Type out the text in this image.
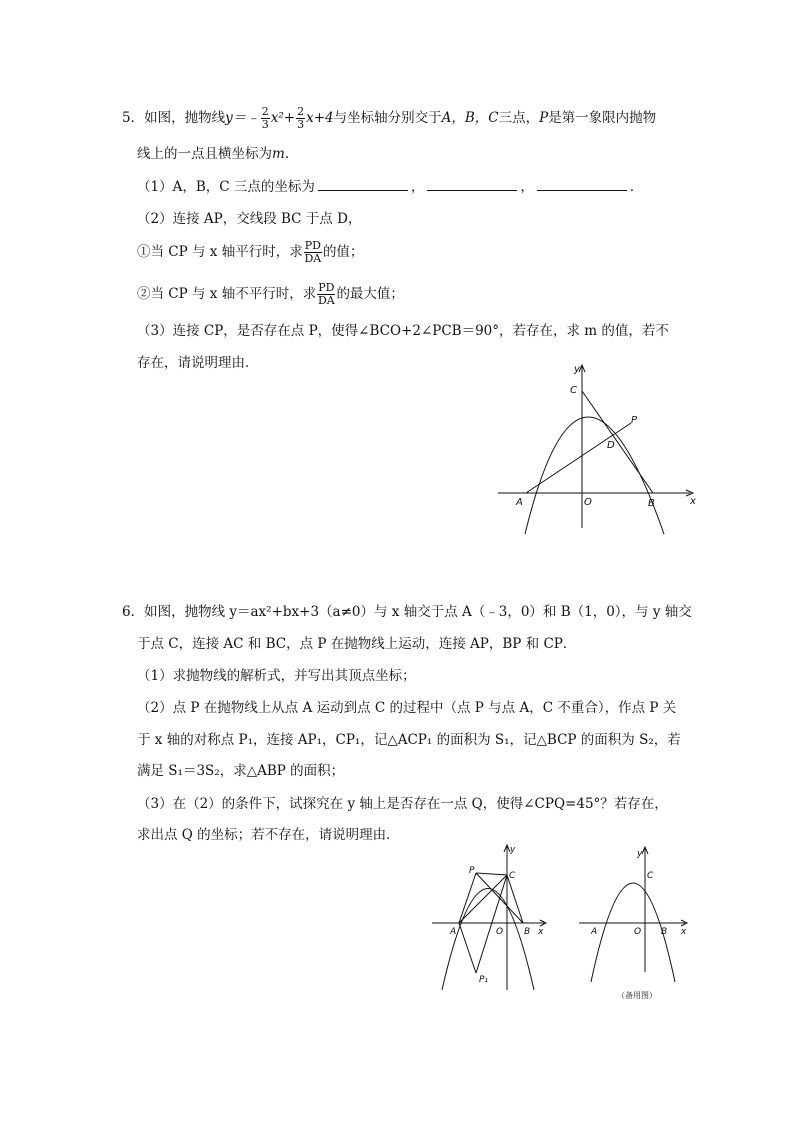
5．如图，抛物线y＝﹣ $\frac{2}{3} x^2+ \frac{2}{3} x+4$与坐标轴分别交于A，B，C三点，P是第一象限内抛物
线上的一点且横坐标为m．
（1）A，B，C 三点的坐标为	，	，	．
（2）连接 AP，交线段 BC 于点 D，
①当 CP 与 x 轴平行时，求 $\frac{PD}{DA}$ 的值；
②当 CP 与 x 轴不平行时，求 $\frac{PD}{DA}$ 的最大值；
（3）连接 CP，是否存在点 P，使得∠BCO+2∠PCB＝90°，若存在，求 m 的值，若不
存在，请说明理由．	y
x
C
P
D
A	O	B
6．如图，抛物线 y＝ax²+bx+3（a≠0）与 x 轴交于点 A（﹣3，0）和 B（1，0），与 y 轴交
于点 C，连接 AC 和 BC，点 P 在抛物线上运动，连接 AP，BP 和 CP．
（1）求抛物线的解析式，并写出其顶点坐标；
（2）点 P 在抛物线上从点 A 运动到点 C 的过程中（点 P 与点 A，C 不重合），作点 P 关
于 x 轴的对称点 P₁，连接 AP₁，CP₁，记△ACP₁ 的面积为 S₁，记△BCP 的面积为 S₂，若
满足 S₁＝3S₂，求△ABP 的面积；
（3）在（2）的条件下，试探究在 y 轴上是否存在一点 Q，使得∠CPQ=45°？若存在，
求出点 Q 的坐标；若不存在，请说明理由．
y
x
P	C
A	O B
P₁
y
x
C
A	O B
（备用图）
